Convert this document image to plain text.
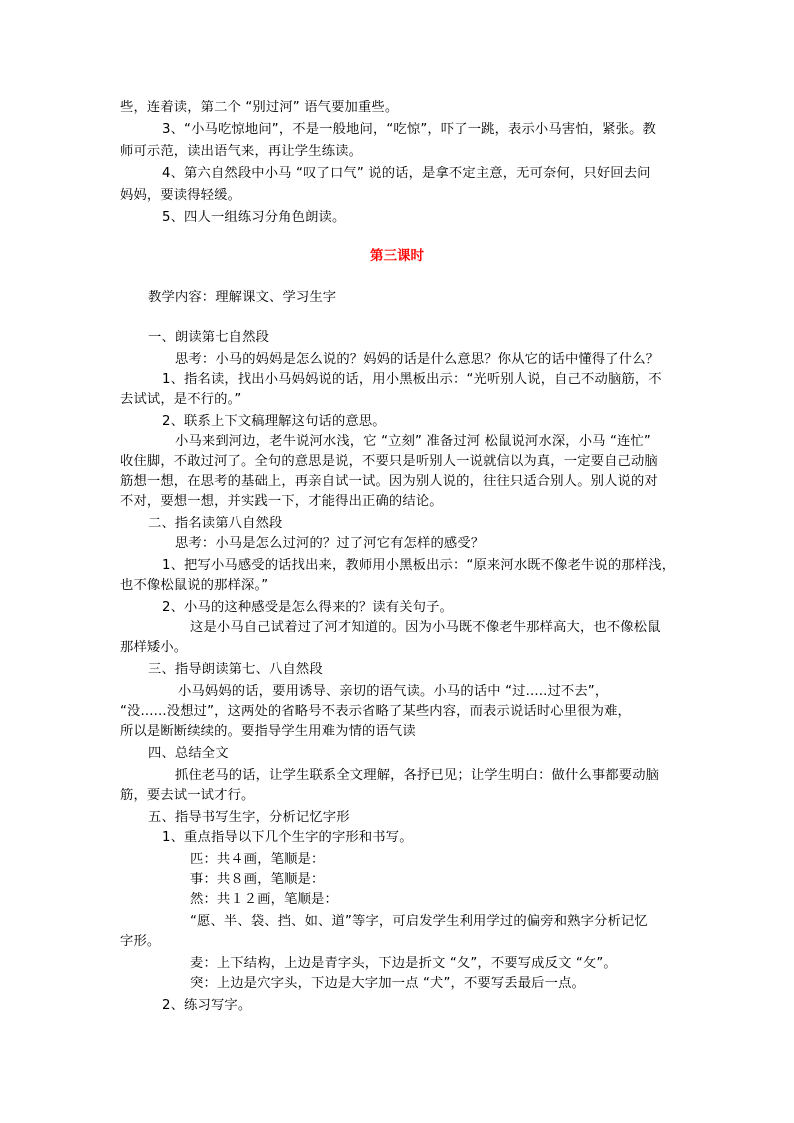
些，连着读，第二个 “别过河” 语气要加重些。
3、“小马吃惊地问”，不是一般地问，“吃惊”，吓了一跳，表示小马害怕，紧张。教
师可示范，读出语气来，再让学生练读。
4、第六自然段中小马 “叹了口气” 说的话，是拿不定主意，无可奈何，只好回去问
妈妈，要读得轻缓。
5、四人一组练习分角色朗读。
第三课时
教学内容：理解课文、学习生字
一、朗读第七自然段
思考：小马的妈妈是怎么说的？妈妈的话是什么意思？你从它的话中懂得了什么？
1、指名读，找出小马妈妈说的话，用小黑板出示：“光听别人说，自己不动脑筋，不
去试试，是不行的。”
2、联系上下文稿理解这句话的意思。
小马来到河边，老牛说河水浅，它 “立刻” 准备过河 松鼠说河水深，小马 “连忙”
收住脚，不敢过河了。全句的意思是说，不要只是听别人一说就信以为真，一定要自己动脑
筋想一想，在思考的基础上，再亲自试一试。因为别人说的，往往只适合别人。别人说的对
不对，要想一想，并实践一下，才能得出正确的结论。
二、指名读第八自然段
思考：小马是怎么过河的？过了河它有怎样的感受？
1、把写小马感受的话找出来，教师用小黑板出示：“原来河水既不像老牛说的那样浅，
也不像松鼠说的那样深。”
2、小马的这种感受是怎么得来的？读有关句子。
这是小马自己试着过了河才知道的。因为小马既不像老牛那样高大，也不像松鼠
那样矮小。
三、指导朗读第七、八自然段
小马妈妈的话，要用诱导、亲切的语气读。小马的话中 “过.....过不去”，
“没......没想过”，这两处的省略号不表示省略了某些内容，而表示说话时心里很为难，
所以是断断续续的。要指导学生用难为情的语气读
四、总结全文
抓住老马的话，让学生联系全文理解，各抒已见；让学生明白：做什么事都要动脑
筋，要去试一试才行。
五、指导书写生字，分析记忆字形
1、重点指导以下几个生字的字形和书写。
匹：共４画，笔顺是：
事：共８画，笔顺是：
然：共１２画，笔顺是：
“愿、半、袋、挡、如、道”等字，可启发学生利用学过的偏旁和熟字分析记忆
字形。
麦：上下结构，上边是青字头，下边是折文 “夂”，不要写成反文 “攵”。
突：上边是穴字头，下边是大字加一点 “犬”，不要写丢最后一点。
2、练习写字。
